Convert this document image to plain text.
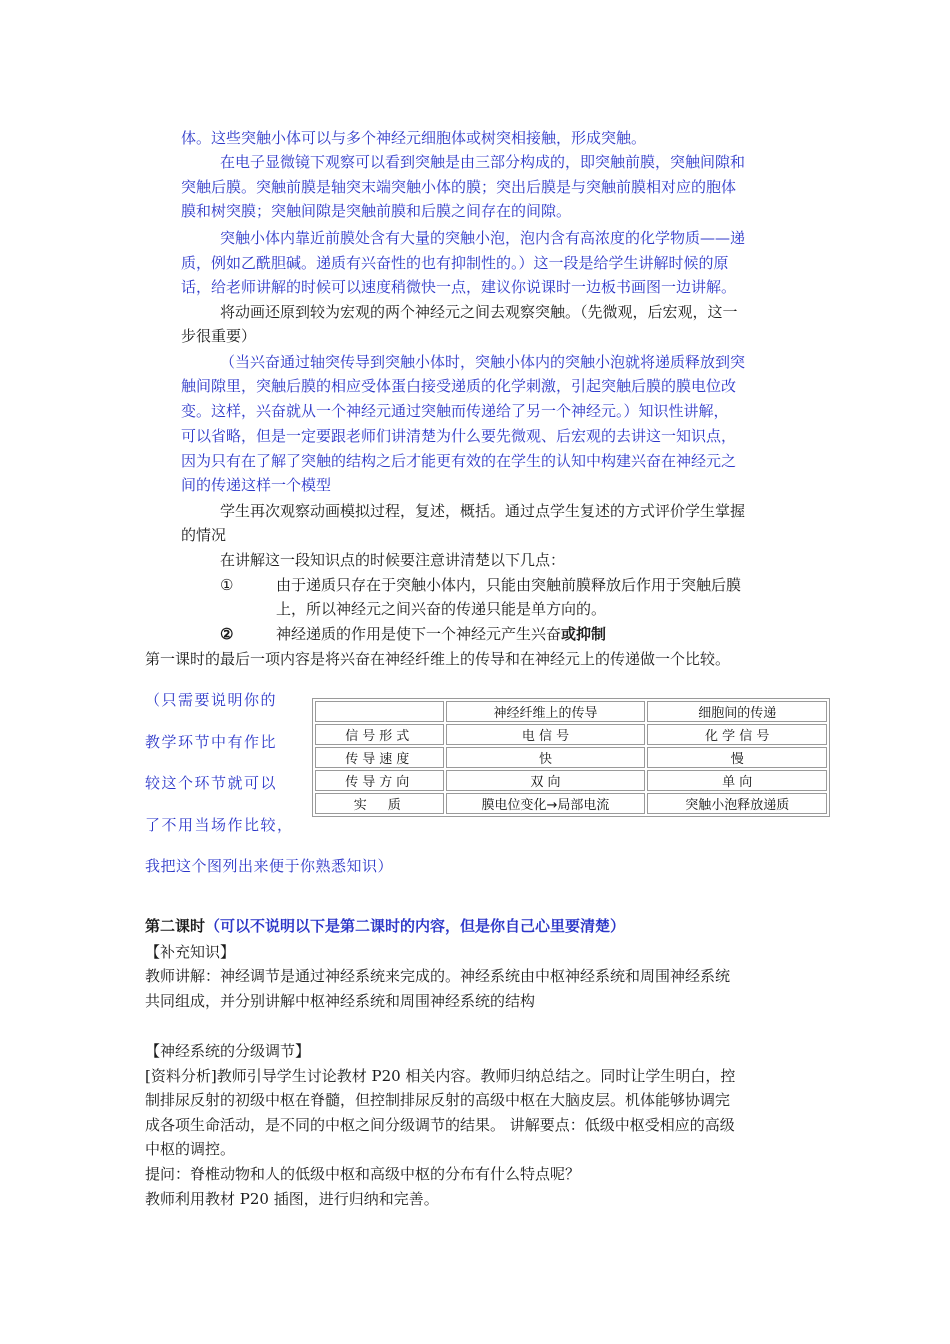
体。这些突触小体可以与多个神经元细胞体或树突相接触，形成突触。
在电子显微镜下观察可以看到突触是由三部分构成的，即突触前膜，突触间隙和
突触后膜。突触前膜是轴突末端突触小体的膜；突出后膜是与突触前膜相对应的胞体
膜和树突膜；突触间隙是突触前膜和后膜之间存在的间隙。
突触小体内靠近前膜处含有大量的突触小泡，泡内含有高浓度的化学物质——递
质，例如乙酰胆碱。递质有兴奋性的也有抑制性的。）这一段是给学生讲解时候的原
话，给老师讲解的时候可以速度稍微快一点，建议你说课时一边板书画图一边讲解。
将动画还原到较为宏观的两个神经元之间去观察突触。（先微观，后宏观，这一
步很重要）
（当兴奋通过轴突传导到突触小体时，突触小体内的突触小泡就将递质释放到突
触间隙里，突触后膜的相应受体蛋白接受递质的化学刺激，引起突触后膜的膜电位改
变。这样，兴奋就从一个神经元通过突触而传递给了另一个神经元。）知识性讲解，
可以省略，但是一定要跟老师们讲清楚为什么要先微观、后宏观的去讲这一知识点，
因为只有在了解了突触的结构之后才能更有效的在学生的认知中构建兴奋在神经元之
间的传递这样一个模型
学生再次观察动画模拟过程，复述，概括。通过点学生复述的方式评价学生掌握
的情况
在讲解这一段知识点的时候要注意讲清楚以下几点：
①	由于递质只存在于突触小体内，只能由突触前膜释放后作用于突触后膜
上，所以神经元之间兴奋的传递只能是单方向的。
②	神经递质的作用是使下一个神经元产生兴奋或抑制
第一课时的最后一项内容是将兴奋在神经纤维上的传导和在神经元上的传递做一个比较。
（只需要说明你的
教学环节中有作比
较这个环节就可以
了不用当场作比较，
我把这个图列出来便于你熟悉知识）
	神经纤维上的传导	细胞间的传递
信号形式	电 信 号	化 学 信 号
传导速度	快	慢
传导方向	双 向	单 向
实　质	膜电位变化→局部电流	突触小泡释放递质
第二课时（可以不说明以下是第二课时的内容，但是你自己心里要清楚）
【补充知识】
教师讲解：神经调节是通过神经系统来完成的。神经系统由中枢神经系统和周围神经系统
共同组成，并分别讲解中枢神经系统和周围神经系统的结构
【神经系统的分级调节】
[资料分析]教师引导学生讨论教材 P20 相关内容。教师归纳总结之。同时让学生明白，控
制排尿反射的初级中枢在脊髓，但控制排尿反射的高级中枢在大脑皮层。机体能够协调完
成各项生命活动，是不同的中枢之间分级调节的结果。 讲解要点：低级中枢受相应的高级
中枢的调控。
提问：脊椎动物和人的低级中枢和高级中枢的分布有什么特点呢？
教师利用教材 P20 插图，进行归纳和完善。
